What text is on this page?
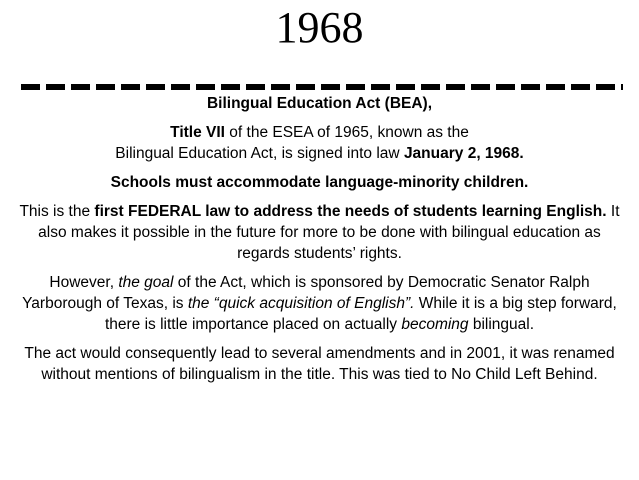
1968

Bilingual Education Act (BEA),

Title VII of the ESEA of 1965, known as the
Bilingual Education Act, is signed into law January 2, 1968.

Schools must accommodate language-minority children.

This is the first FEDERAL law to address the needs of students learning English. It also makes it possible in the future for more to be done with bilingual education as regards students’ rights.

However, the goal of the Act, which is sponsored by Democratic Senator Ralph Yarborough of Texas, is the “quick acquisition of English”. While it is a big step forward, there is little importance placed on actually becoming bilingual.

The act would consequently lead to several amendments and in 2001, it was renamed without mentions of bilingualism in the title. This was tied to No Child Left Behind.
